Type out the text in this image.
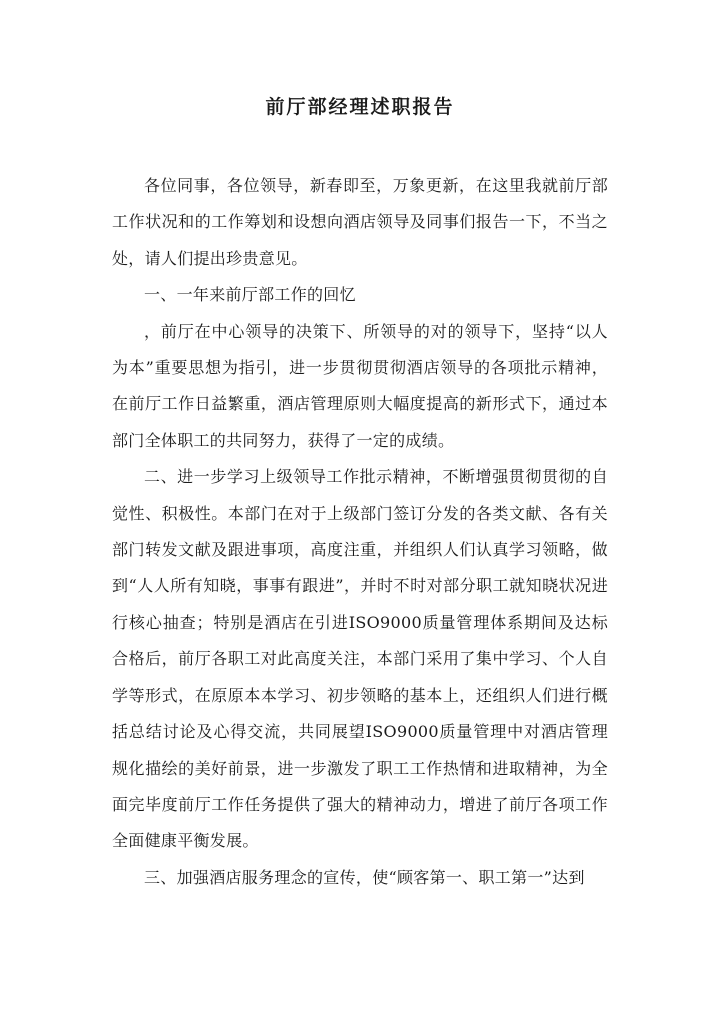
前厅部经理述职报告

各位同事，各位领导，新春即至，万象更新，在这里我就前厅部工作状况和的工作筹划和设想向酒店领导及同事们报告一下，不当之处，请人们提出珍贵意见。

一、一年来前厅部工作的回忆

，前厅在中心领导的决策下、所领导的对的领导下，坚持“以人为本”重要思想为指引，进一步贯彻贯彻酒店领导的各项批示精神，在前厅工作日益繁重，酒店管理原则大幅度提高的新形式下，通过本部门全体职工的共同努力，获得了一定的成绩。

二、进一步学习上级领导工作批示精神，不断增强贯彻贯彻的自觉性、积极性。本部门在对于上级部门签订分发的各类文献、各有关部门转发文献及跟进事项，高度注重，并组织人们认真学习领略，做到“人人所有知晓，事事有跟进”，并时不时对部分职工就知晓状况进行核心抽查；特别是酒店在引进ISO9000质量管理体系期间及达标合格后，前厅各职工对此高度关注，本部门采用了集中学习、个人自学等形式，在原原本本学习、初步领略的基本上，还组织人们进行概括总结讨论及心得交流，共同展望ISO9000质量管理中对酒店管理规化描绘的美好前景，进一步激发了职工工作热情和进取精神，为全面完毕度前厅工作任务提供了强大的精神动力，增进了前厅各项工作全面健康平衡发展。

三、加强酒店服务理念的宣传，使“顾客第一、职工第一”达到
